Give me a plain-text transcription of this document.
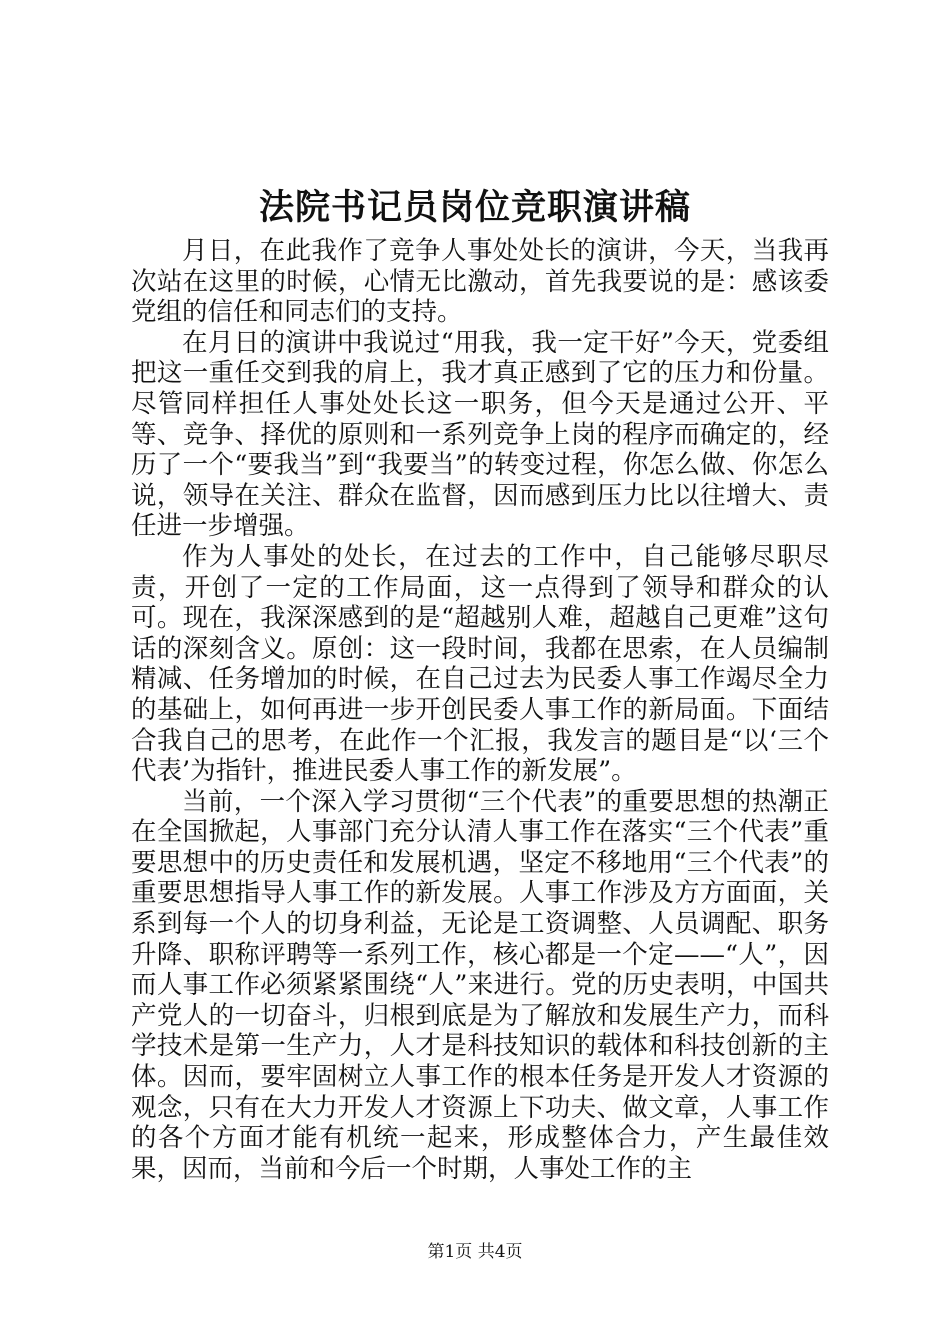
法院书记员岗位竞职演讲稿

月日，在此我作了竞争人事处处长的演讲，今天，当我再次站在这里的时候，心情无比激动，首先我要说的是：感该委党组的信任和同志们的支持。

在月日的演讲中我说过“用我，我一定干好”今天，党委组把这一重任交到我的肩上，我才真正感到了它的压力和份量。尽管同样担任人事处处长这一职务，但今天是通过公开、平等、竞争、择优的原则和一系列竞争上岗的程序而确定的，经历了一个“要我当”到“我要当”的转变过程，你怎么做、你怎么说，领导在关注、群众在监督，因而感到压力比以往增大、责任进一步增强。

作为人事处的处长，在过去的工作中，自己能够尽职尽责，开创了一定的工作局面，这一点得到了领导和群众的认可。现在，我深深感到的是“超越别人难，超越自己更难”这句话的深刻含义。原创：这一段时间，我都在思索，在人员编制精减、任务增加的时候，在自己过去为民委人事工作竭尽全力的基础上，如何再进一步开创民委人事工作的新局面。下面结合我自己的思考，在此作一个汇报，我发言的题目是“以‘三个代表’为指针，推进民委人事工作的新发展”。

当前，一个深入学习贯彻“三个代表”的重要思想的热潮正在全国掀起，人事部门充分认清人事工作在落实“三个代表”重要思想中的历史责任和发展机遇，坚定不移地用“三个代表”的重要思想指导人事工作的新发展。人事工作涉及方方面面，关系到每一个人的切身利益，无论是工资调整、人员调配、职务升降、职称评聘等一系列工作，核心都是一个定——“人”，因而人事工作必须紧紧围绕“人”来进行。党的历史表明，中国共产党人的一切奋斗，归根到底是为了解放和发展生产力，而科学技术是第一生产力，人才是科技知识的载体和科技创新的主体。因而，要牢固树立人事工作的根本任务是开发人才资源的观念，只有在大力开发人才资源上下功夫、做文章，人事工作的各个方面才能有机统一起来，形成整体合力，产生最佳效果，因而，当前和今后一个时期，人事处工作的主

第1页 共4页
